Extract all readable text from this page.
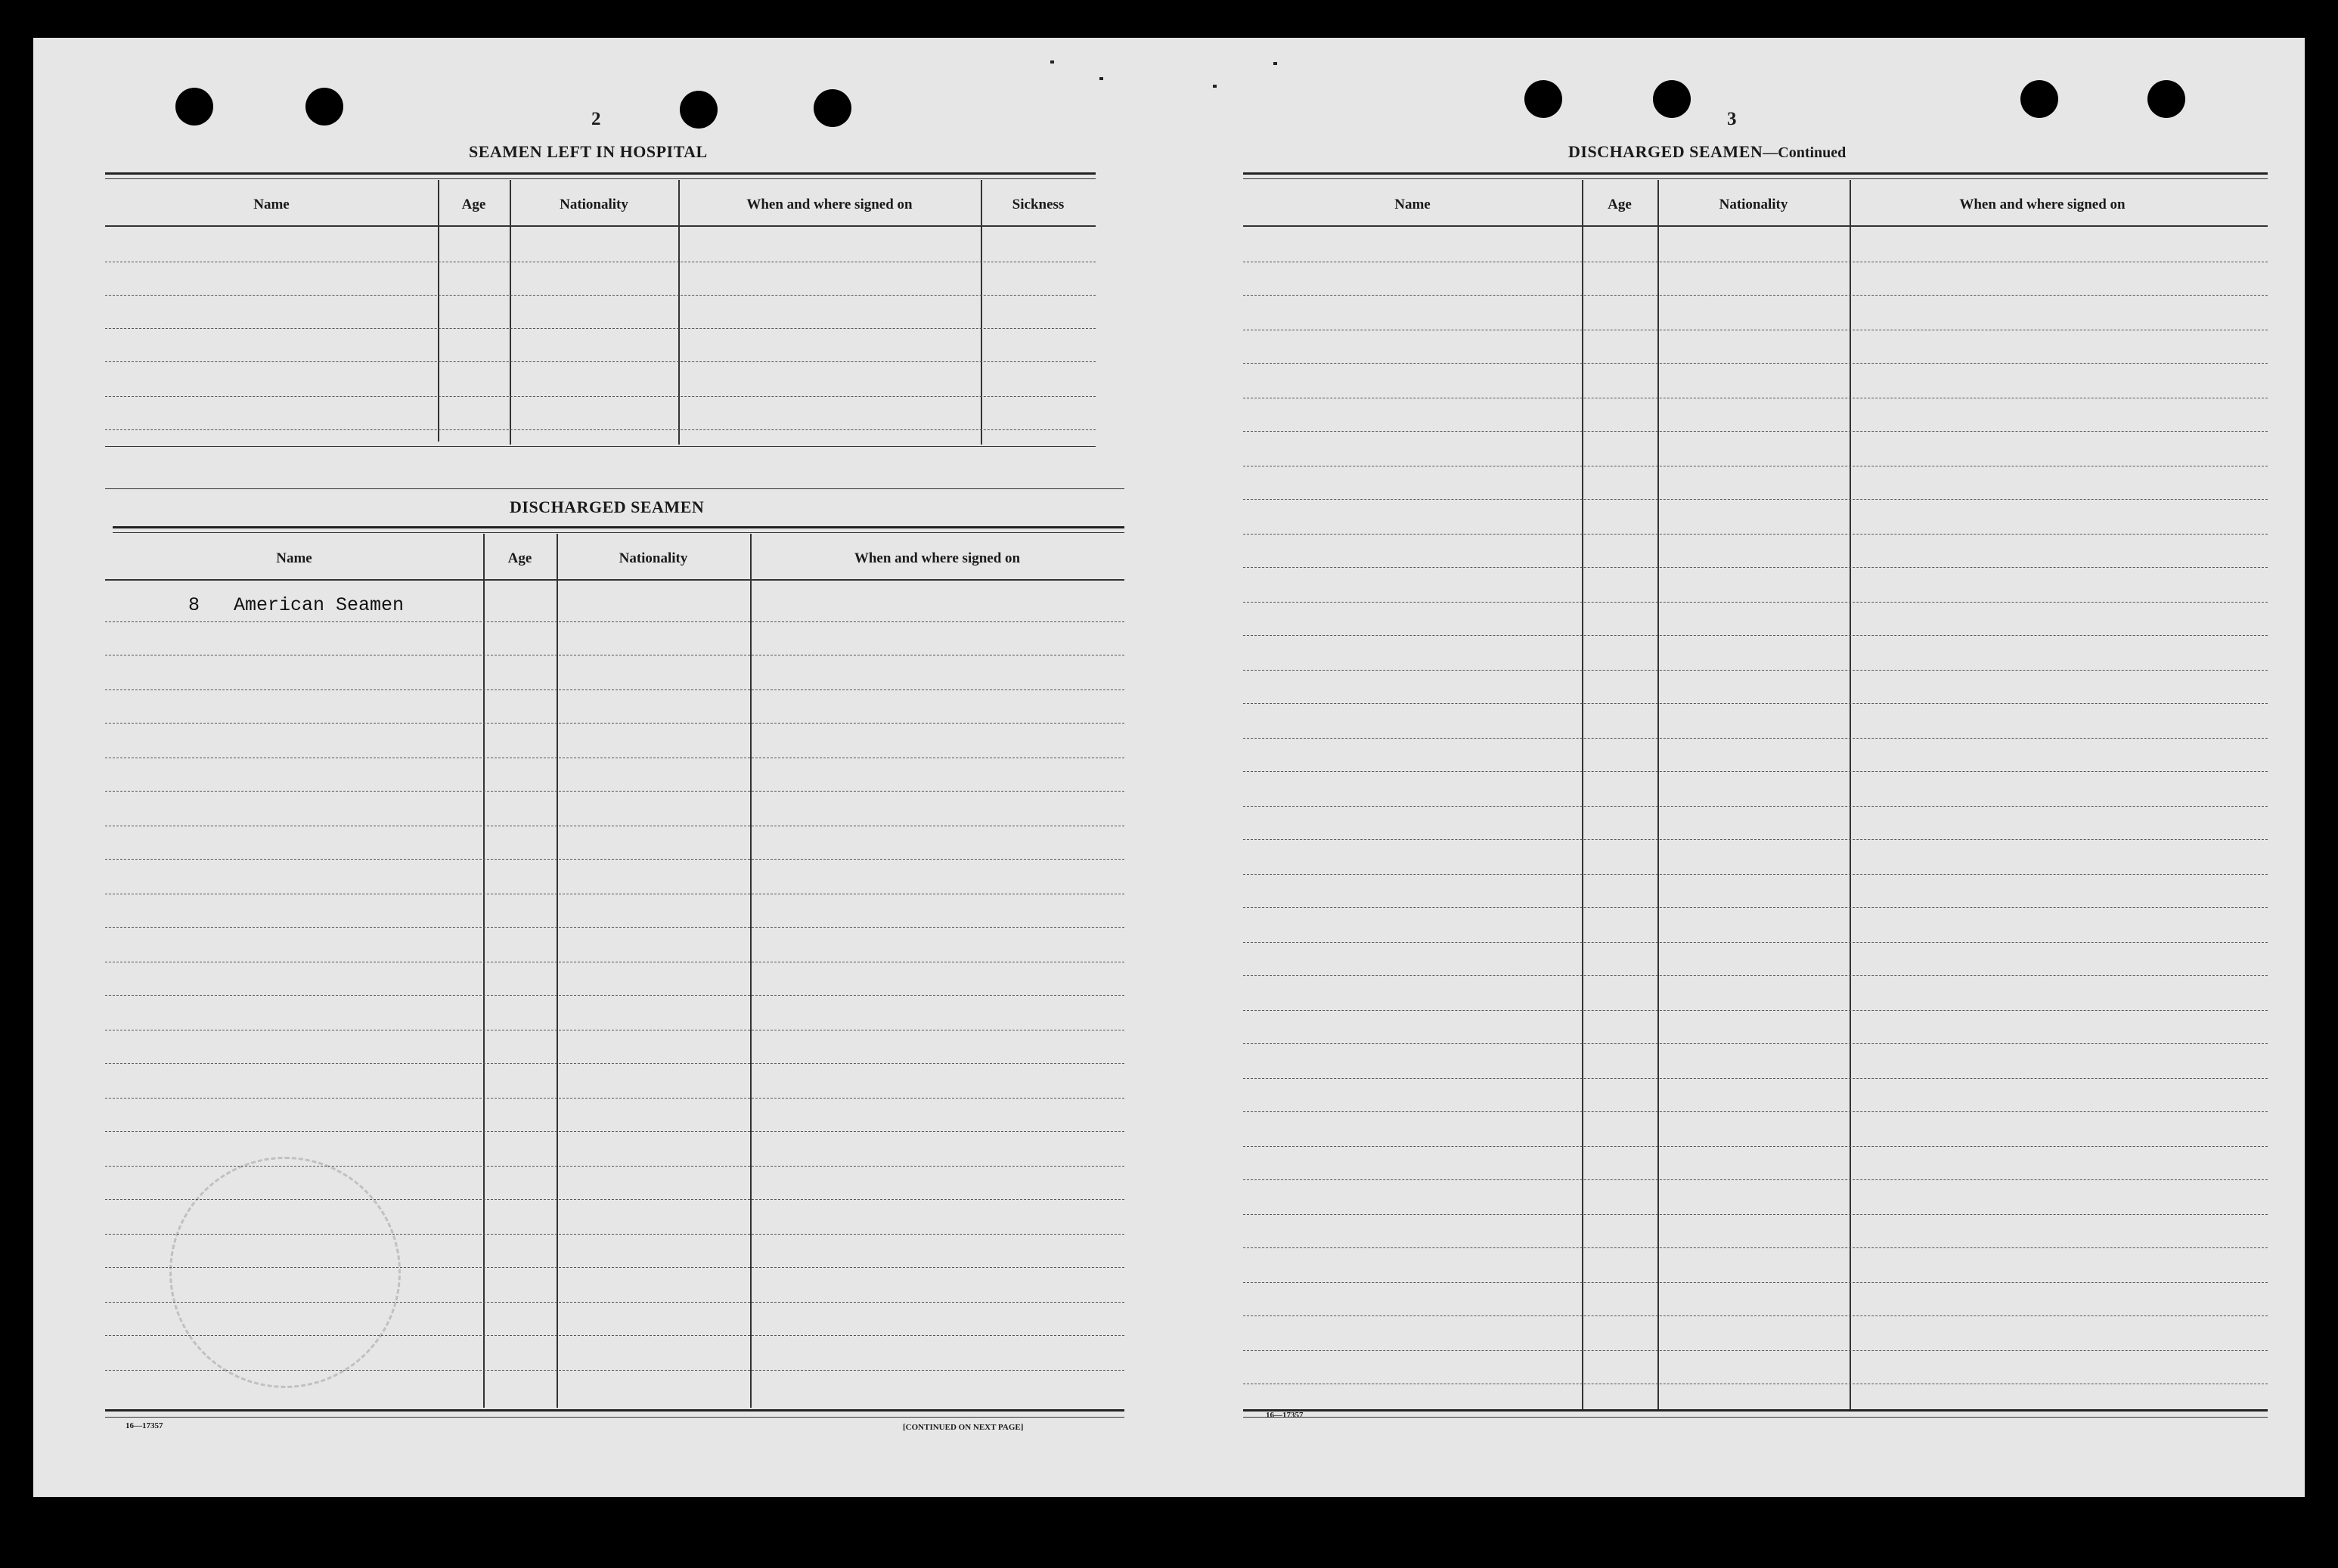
2
SEAMEN LEFT IN HOSPITAL
Name	Age	Nationality	When and where signed on	Sickness
DISCHARGED SEAMEN
Name	Age	Nationality	When and where signed on
8   American Seamen
16—17357	[CONTINUED ON NEXT PAGE]
3
DISCHARGED SEAMEN—Continued
Name	Age	Nationality	When and where signed on
16—17357
